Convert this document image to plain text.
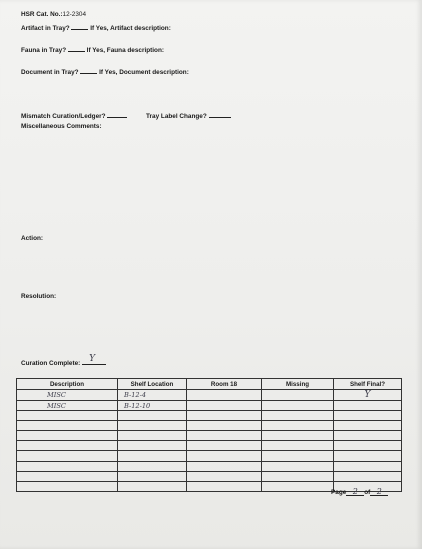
HSR Cat. No.:12-2304
Artifact in Tray?	If Yes, Artifact description:
Fauna in Tray?	If Yes, Fauna description:
Document in Tray?	If Yes, Document description:
Mismatch Curation/Ledger?	Tray Label Change?
Miscellaneous Comments:
Action:
Resolution:
Curation Complete: Y
Description	Shelf Location	Room 18	Missing	Shelf Final?
MISC	B-12-4			Y
MISC	B-12-10			

Page 2 of 2
